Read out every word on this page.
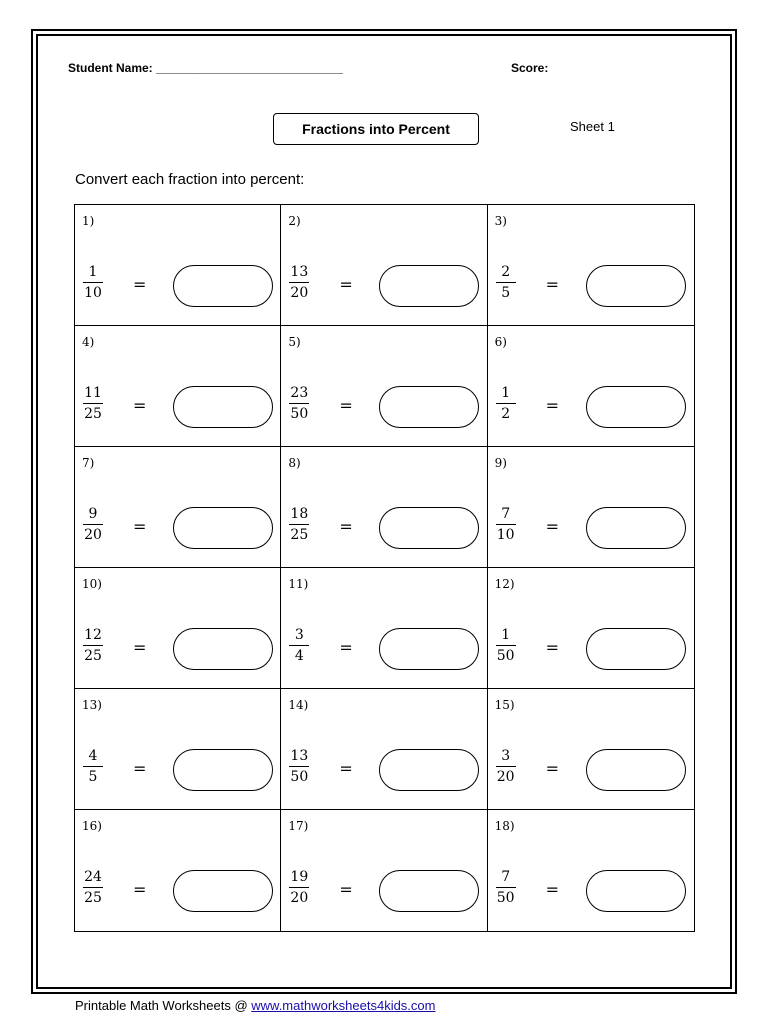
Student Name: ____________________________	Score:
Fractions into Percent	Sheet 1
Convert each fraction into percent:
1)
1
10 =
2)
13
20 =
3)
2
5 =
4)
11
25 =
5)
23
50 =
6)
1
2 =
7)
9
20 =
8)
18
25 =
9)
7
10 =
10)
12
25 =
11)
3
4 =
12)
1
50 =
13)
4
5 =
14)
13
50 =
15)
3
20 =
16)
24
25 =
17)
19
20 =
18)
7
50 =
Printable Math Worksheets @ www.mathworksheets4kids.com
